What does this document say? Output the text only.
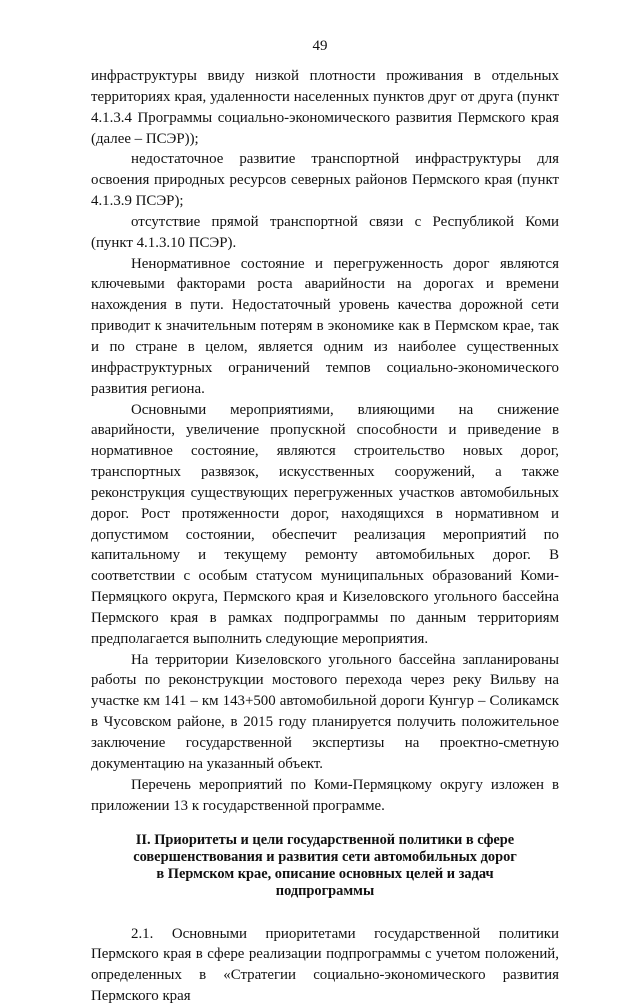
49

инфраструктуры ввиду низкой плотности проживания в отдельных территориях края, удаленности населенных пунктов друг от друга (пункт 4.1.3.4 Программы социально-экономического развития Пермского края (далее – ПСЭР));

недостаточное развитие транспортной инфраструктуры для освоения природных ресурсов северных районов Пермского края (пункт 4.1.3.9 ПСЭР);

отсутствие прямой транспортной связи с Республикой Коми (пункт 4.1.3.10 ПСЭР).

Ненормативное состояние и перегруженность дорог являются ключевыми факторами роста аварийности на дорогах и времени нахождения в пути. Недостаточный уровень качества дорожной сети приводит к значительным потерям в экономике как в Пермском крае, так и по стране в целом, является одним из наиболее существенных инфраструктурных ограничений темпов социально-экономического развития региона.

Основными мероприятиями, влияющими на снижение аварийности, увеличение пропускной способности и приведение в нормативное состояние, являются строительство новых дорог, транспортных развязок, искусственных сооружений, а также реконструкция существующих перегруженных участков автомобильных дорог. Рост протяженности дорог, находящихся в нормативном и допустимом состоянии, обеспечит реализация мероприятий по капитальному и текущему ремонту автомобильных дорог. В соответствии с особым статусом муниципальных образований Коми-Пермяцкого округа, Пермского края и Кизеловского угольного бассейна Пермского края в рамках подпрограммы по данным территориям предполагается выполнить следующие мероприятия.

На территории Кизеловского угольного бассейна запланированы работы по реконструкции мостового перехода через реку Вильву на участке км 141 – км 143+500 автомобильной дороги Кунгур – Соликамск в Чусовском районе, в 2015 году планируется получить положительное заключение государственной экспертизы на проектно-сметную документацию на указанный объект.

Перечень мероприятий по Коми-Пермяцкому округу изложен в приложении 13 к государственной программе.

II. Приоритеты и цели государственной политики в сфере
совершенствования и развития сети автомобильных дорог
в Пермском крае, описание основных целей и задач
подпрограммы

2.1. Основными приоритетами государственной политики Пермского края в сфере реализации подпрограммы с учетом положений, определенных в «Стратегии социально-экономического развития Пермского края
